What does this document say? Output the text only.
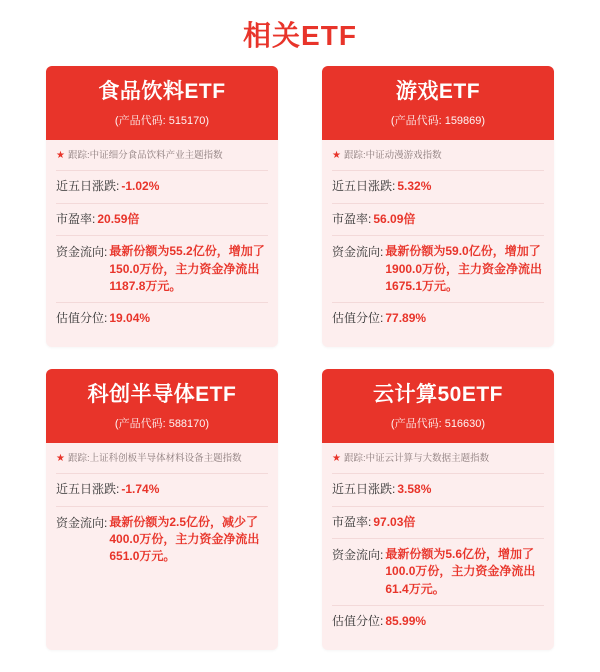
相关ETF
食品饮料ETF
(产品代码: 515170)
★ 跟踪: 中证细分食品饮料产业主题指数
近五日涨跌: -1.02%
市盈率: 20.59倍
资金流向: 最新份额为55.2亿份，增加了150.0万份，主力资金净流出1187.8万元。
估值分位: 19.04%
游戏ETF
(产品代码: 159869)
★ 跟踪: 中证动漫游戏指数
近五日涨跌: 5.32%
市盈率: 56.09倍
资金流向: 最新份额为59.0亿份，增加了1900.0万份，主力资金净流出1675.1万元。
估值分位: 77.89%
科创半导体ETF
(产品代码: 588170)
★ 跟踪: 上证科创板半导体材料设备主题指数
近五日涨跌: -1.74%
资金流向: 最新份额为2.5亿份，减少了400.0万份，主力资金净流出651.0万元。
云计算50ETF
(产品代码: 516630)
★ 跟踪: 中证云计算与大数据主题指数
近五日涨跌: 3.58%
市盈率: 97.03倍
资金流向: 最新份额为5.6亿份，增加了100.0万份，主力资金净流出61.4万元。
估值分位: 85.99%
